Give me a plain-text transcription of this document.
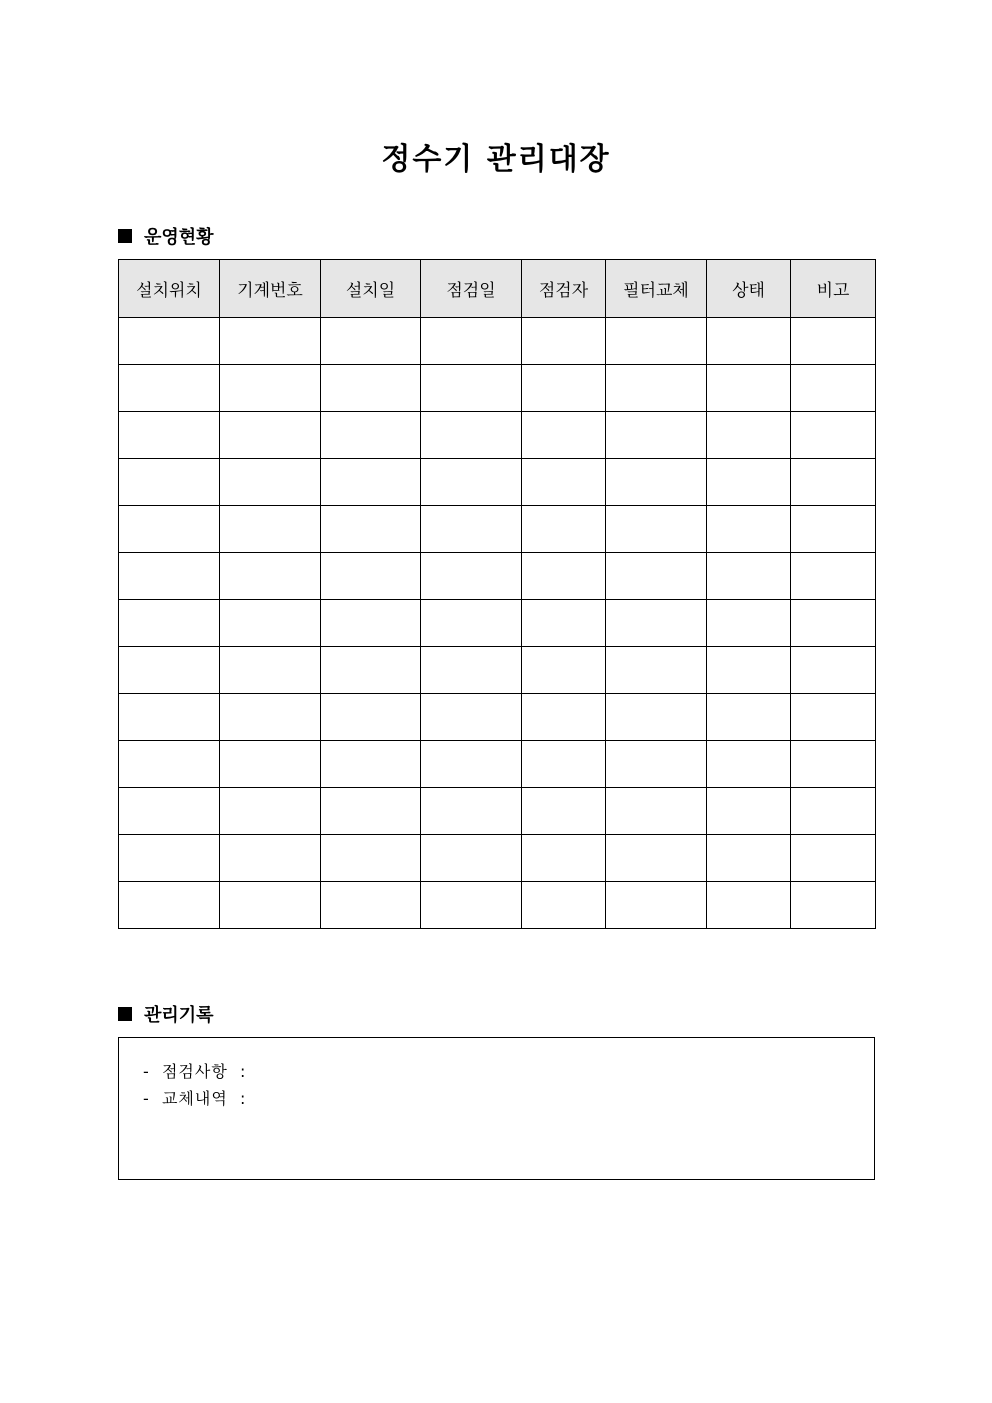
정수기 관리대장
운영현황
설치위치	기계번호	설치일	점검일	점검자	필터교체	상태	비고

관리기록
-  점검사항  :
-  교체내역  :
